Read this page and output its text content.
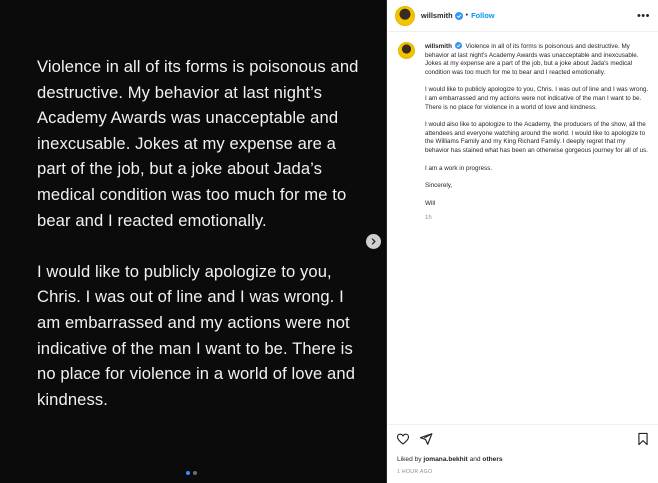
Violence in all of its forms is poisonous and destructive. My behavior at last night’s Academy Awards was unacceptable and inexcusable. Jokes at my expense are a part of the job, but a joke about Jada’s medical condition was too much for me to bear and I reacted emotionally.

I would like to publicly apologize to you, Chris. I was out of line and I was wrong. I am embarrassed and my actions were not indicative of the man I want to be. There is no place for violence in a world of love and kindness.

willsmith • Follow	•••

willsmith Violence in all of its forms is poisonous and destructive. My behavior at last night's Academy Awards was unacceptable and inexcusable. Jokes at my expense are a part of the job, but a joke about Jada's medical condition was too much for me to bear and I reacted emotionally.

I would like to publicly apologize to you, Chris. I was out of line and I was wrong. I am embarrassed and my actions were not indicative of the man I want to be. There is no place for violence in a world of love and kindness.

I would also like to apologize to the Academy, the producers of the show, all the attendees and everyone watching around the world. I would like to apologize to the Williams Family and my King Richard Family. I deeply regret that my behavior has stained what has been an otherwise gorgeous journey for all of us.

I am a work in progress.

Sincerely,

Will

1h
Liked by jomana.bekhit and others
1 HOUR AGO
